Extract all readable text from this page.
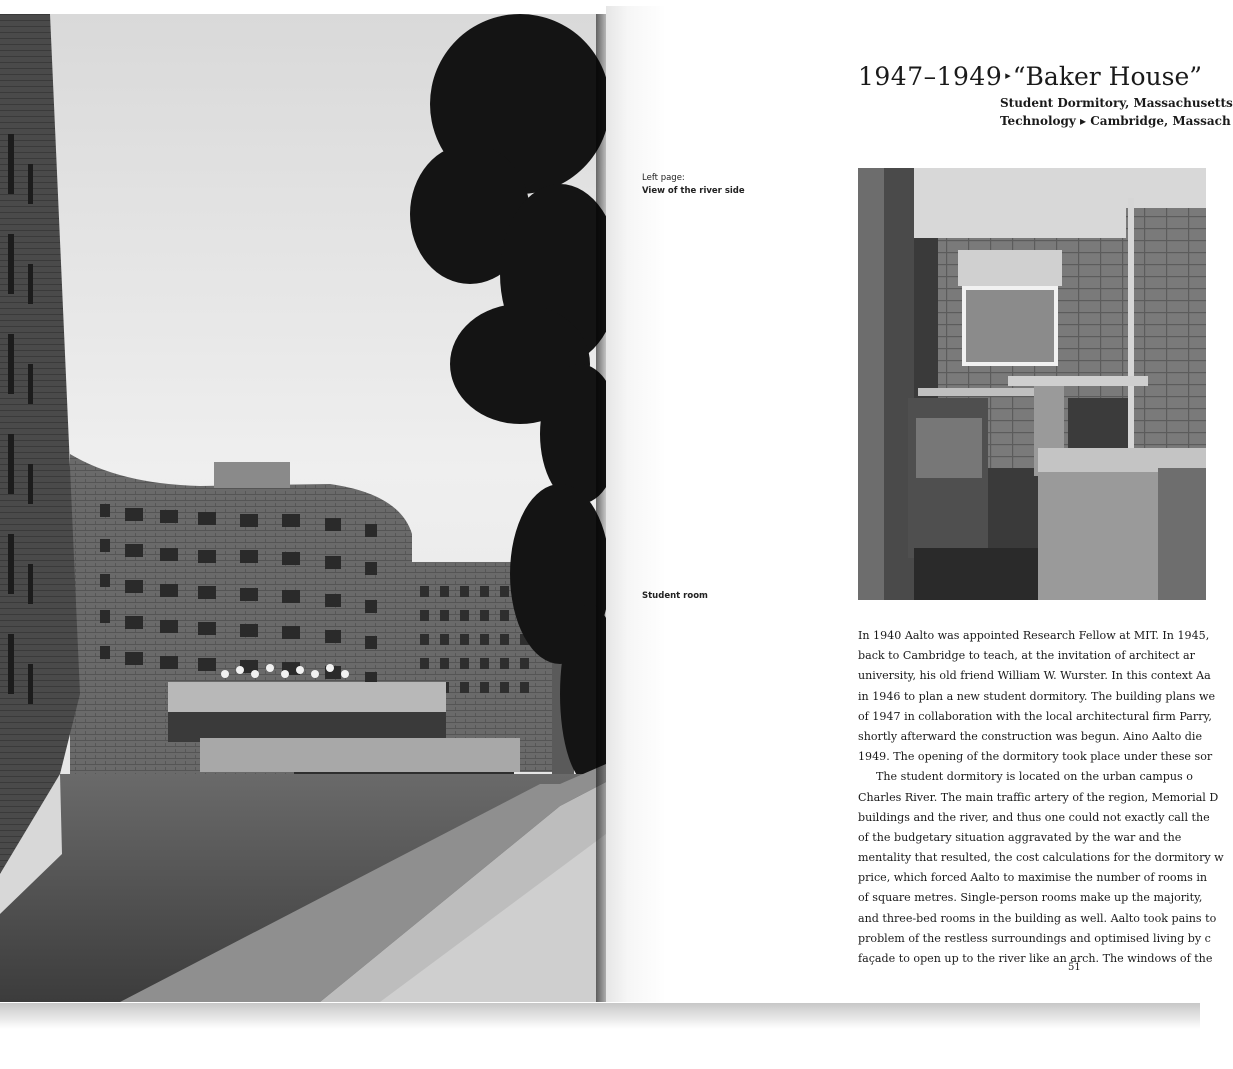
1947–1949 ▸“Baker House”
Student Dormitory, Massachusetts
Technology ▸ Cambridge, Massach
Left page:
View of the river side
Student room
In 1940 Aalto was appointed Research Fellow at MIT. In 1945,
back to Cambridge to teach, at the invitation of architect ar
university, his old friend William W. Wurster. In this context Aa
in 1946 to plan a new student dormitory. The building plans we
of 1947 in collaboration with the local architectural firm Parry,
shortly afterward the construction was begun. Aino Aalto die
1949. The opening of the dormitory took place under these sor
The student dormitory is located on the urban campus o
Charles River. The main traffic artery of the region, Memorial D
buildings and the river, and thus one could not exactly call the
of the budgetary situation aggravated by the war and the
mentality that resulted, the cost calculations for the dormitory w
price, which forced Aalto to maximise the number of rooms in
of square metres. Single-person rooms make up the majority,
and three-bed rooms in the building as well. Aalto took pains to
problem of the restless surroundings and optimised living by c
façade to open up to the river like an arch. The windows of the
51
